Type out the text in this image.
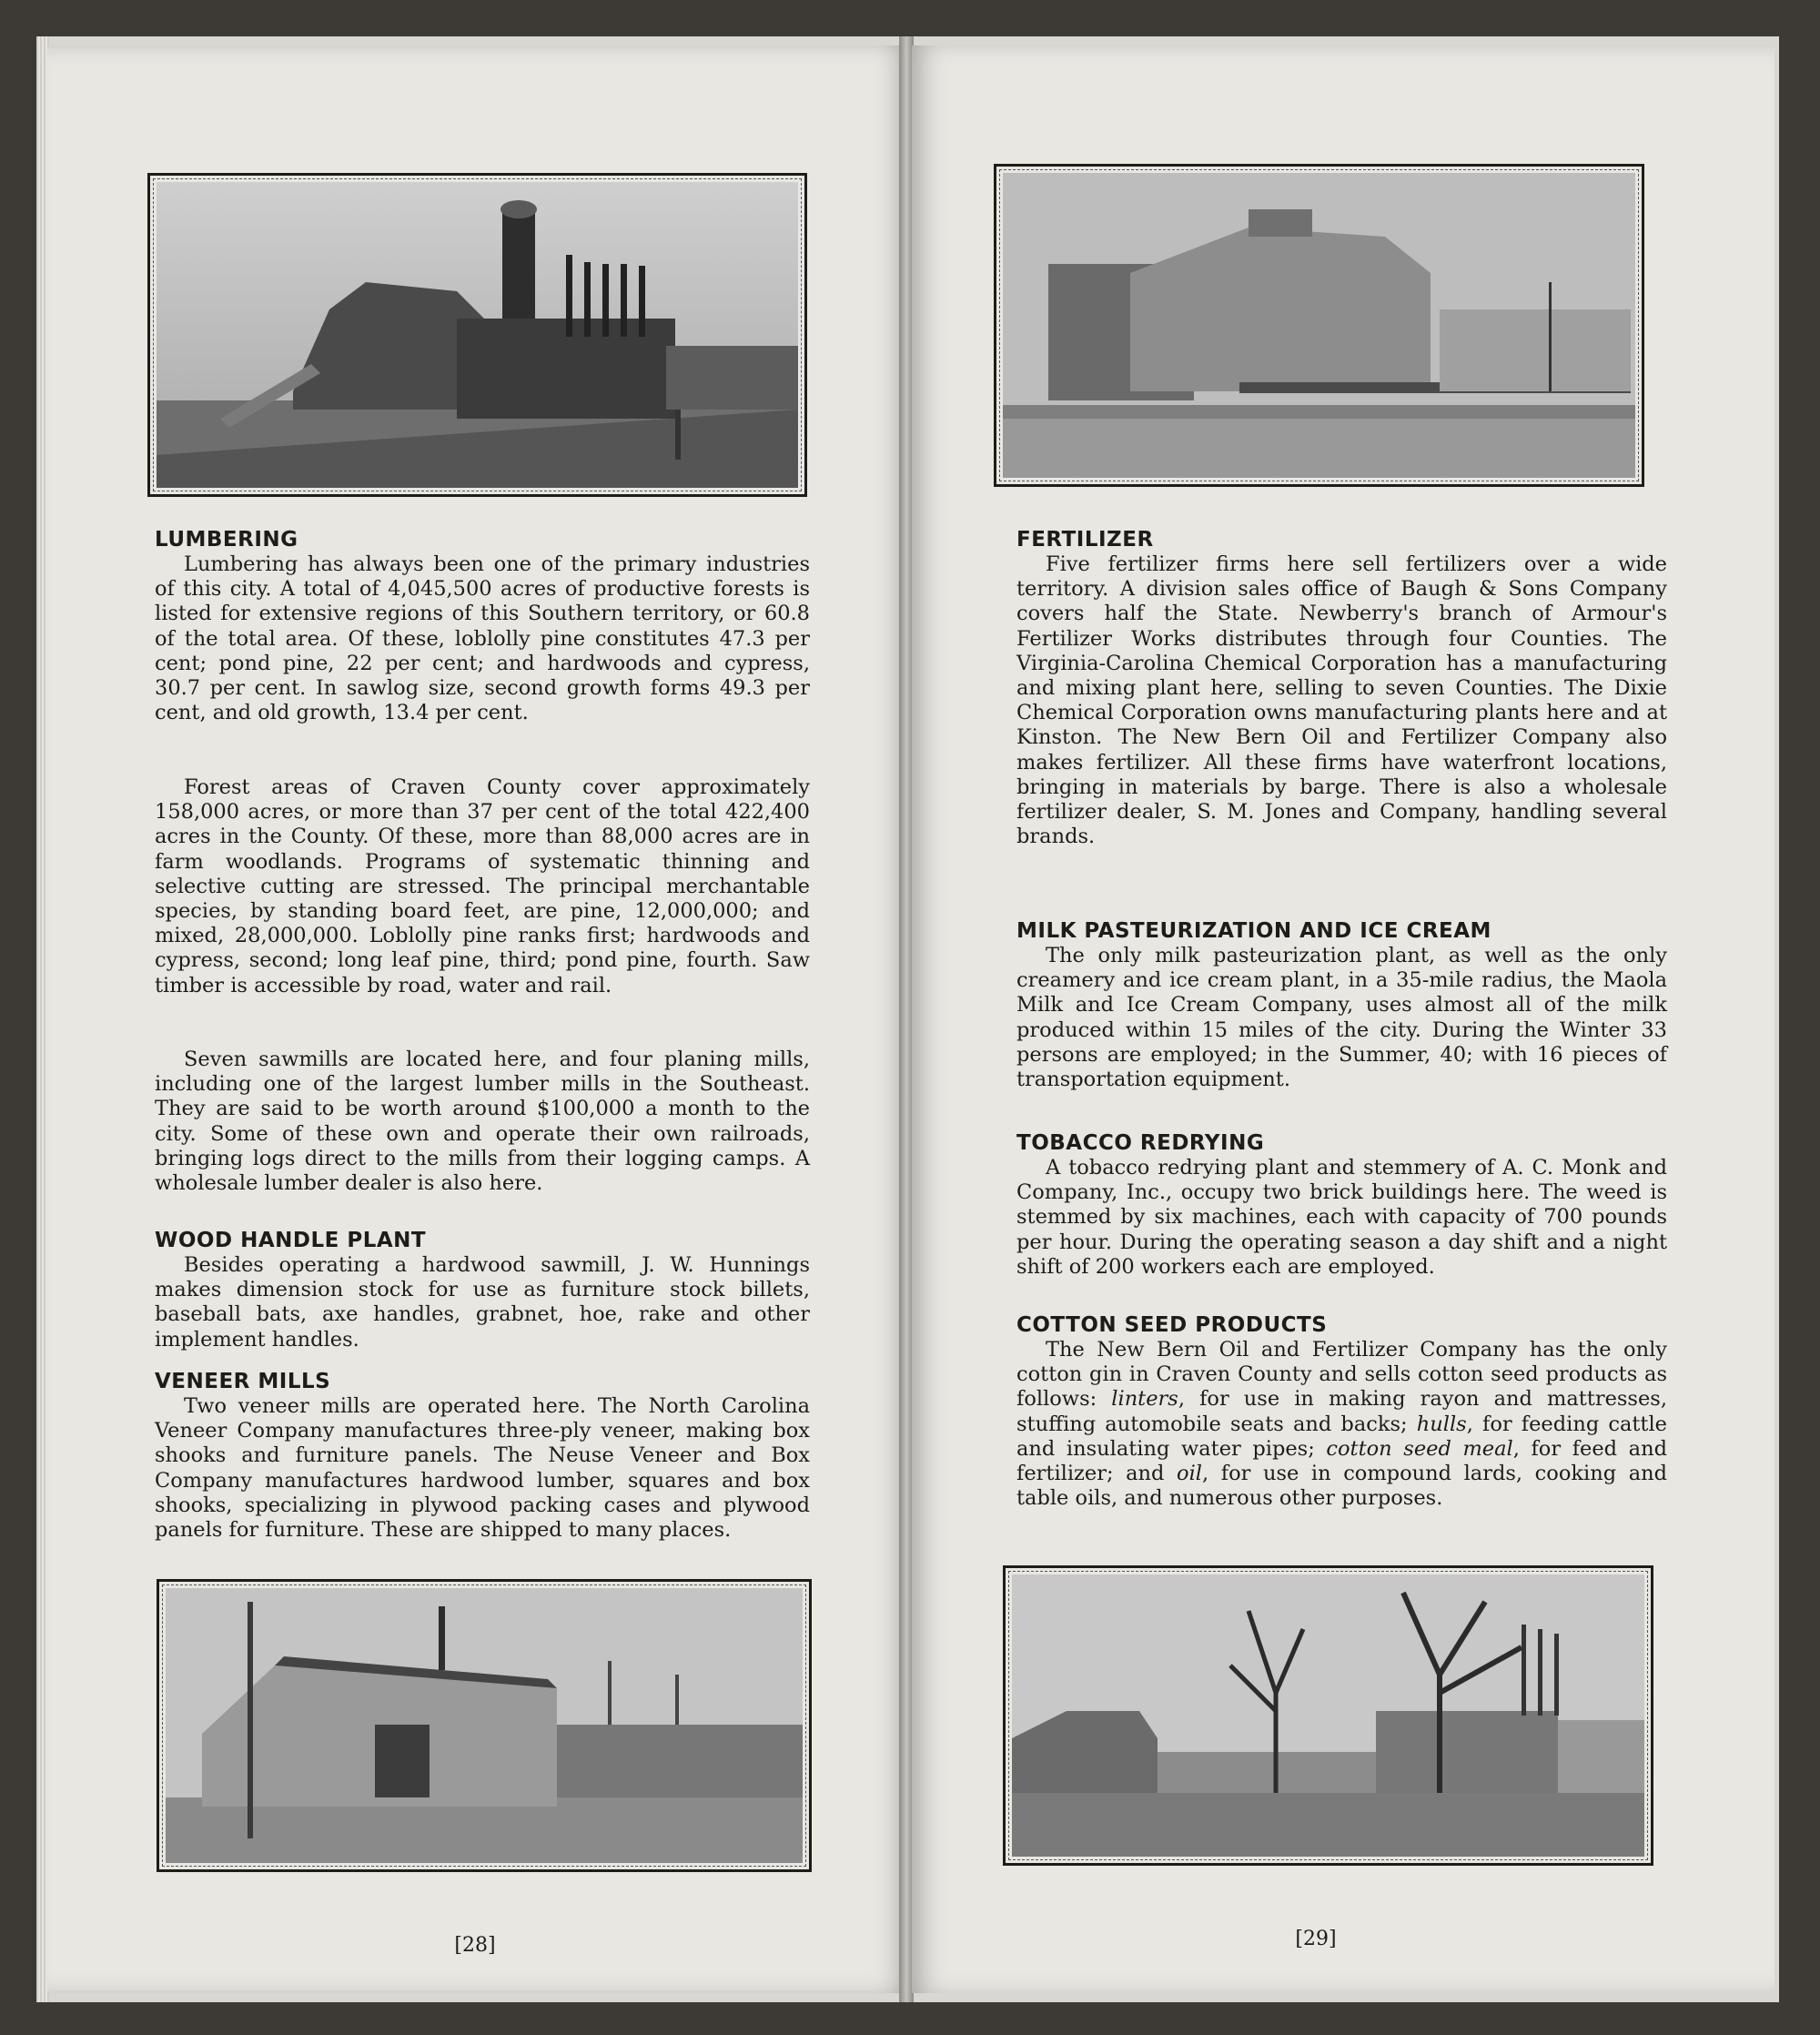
LUMBERING

Lumbering has always been one of the primary industries of this city. A total of 4,045,500 acres of productive forests is listed for extensive regions of this Southern territory, or 60.8 of the total area. Of these, loblolly pine constitutes 47.3 per cent; pond pine, 22 per cent; and hardwoods and cypress, 30.7 per cent. In sawlog size, second growth forms 49.3 per cent, and old growth, 13.4 per cent.

Forest areas of Craven County cover approximately 158,000 acres, or more than 37 per cent of the total 422,400 acres in the County. Of these, more than 88,000 acres are in farm woodlands. Programs of systematic thinning and selective cutting are stressed. The principal merchantable species, by standing board feet, are pine, 12,000,000; and mixed, 28,000,000. Loblolly pine ranks first; hardwoods and cypress, second; long leaf pine, third; pond pine, fourth. Saw timber is accessible by road, water and rail.

Seven sawmills are located here, and four planing mills, including one of the largest lumber mills in the Southeast. They are said to be worth around $100,000 a month to the city. Some of these own and operate their own railroads, bringing logs direct to the mills from their logging camps. A wholesale lumber dealer is also here.

WOOD HANDLE PLANT

Besides operating a hardwood sawmill, J. W. Hunnings makes dimension stock for use as furniture stock billets, baseball bats, axe handles, grabnet, hoe, rake and other implement handles.

VENEER MILLS

Two veneer mills are operated here. The North Carolina Veneer Company manufactures three-ply veneer, making box shooks and furniture panels. The Neuse Veneer and Box Company manufactures hardwood lumber, squares and box shooks, specializing in plywood packing cases and plywood panels for furniture. These are shipped to many places.

[28]
FERTILIZER

Five fertilizer firms here sell fertilizers over a wide territory. A division sales office of Baugh & Sons Company covers half the State. Newberry's branch of Armour's Fertilizer Works distributes through four Counties. The Virginia-Carolina Chemical Corporation has a manufacturing and mixing plant here, selling to seven Counties. The Dixie Chemical Corporation owns manufacturing plants here and at Kinston. The New Bern Oil and Fertilizer Company also makes fertilizer. All these firms have waterfront locations, bringing in materials by barge. There is also a wholesale fertilizer dealer, S. M. Jones and Company, handling several brands.

MILK PASTEURIZATION AND ICE CREAM

The only milk pasteurization plant, as well as the only creamery and ice cream plant, in a 35-mile radius, the Maola Milk and Ice Cream Company, uses almost all of the milk produced within 15 miles of the city. During the Winter 33 persons are employed; in the Summer, 40; with 16 pieces of transportation equipment.

TOBACCO REDRYING

A tobacco redrying plant and stemmery of A. C. Monk and Company, Inc., occupy two brick buildings here. The weed is stemmed by six machines, each with capacity of 700 pounds per hour. During the operating season a day shift and a night shift of 200 workers each are employed.

COTTON SEED PRODUCTS

The New Bern Oil and Fertilizer Company has the only cotton gin in Craven County and sells cotton seed products as follows: linters, for use in making rayon and mattresses, stuffing automobile seats and backs; hulls, for feeding cattle and insulating water pipes; cotton seed meal, for feed and fertilizer; and oil, for use in compound lards, cooking and table oils, and numerous other purposes.

[29]
